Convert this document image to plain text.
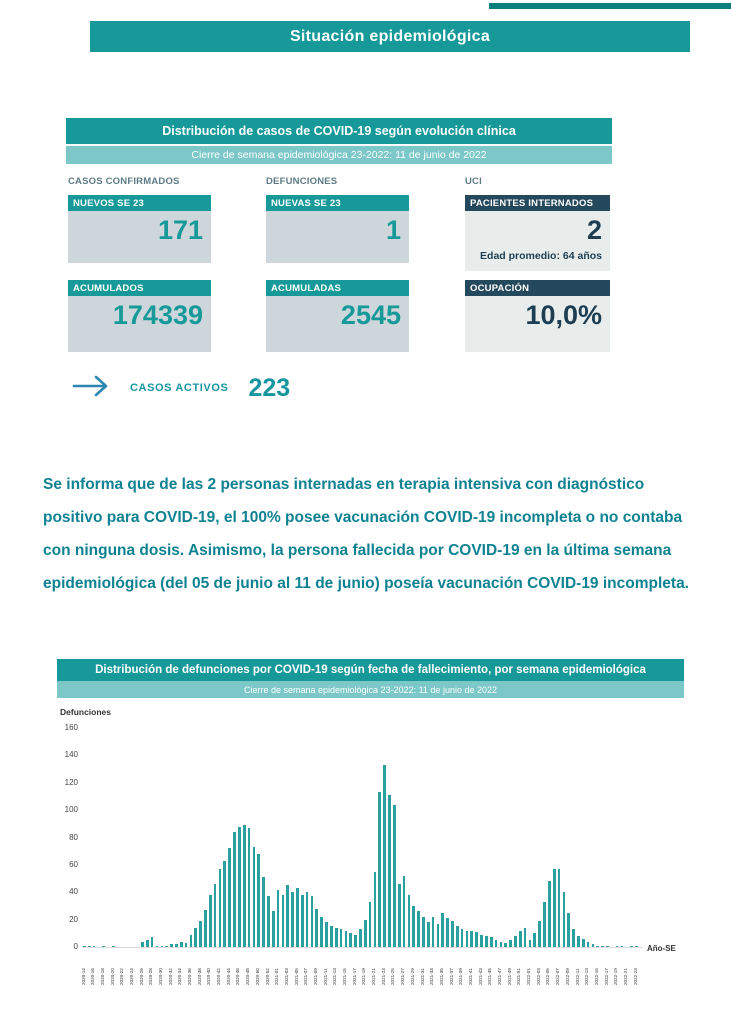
Situación epidemiológica
Distribución de casos de COVID-19 según evolución clínica
Cierre de semana epidemiológica 23-2022: 11 de junio de 2022
CASOS CONFIRMADOS
NUEVOS SE 23
171
ACUMULADOS
174339
DEFUNCIONES
NUEVAS SE 23
1
ACUMULADAS
2545
UCI
PACIENTES INTERNADOS
2
Edad promedio: 64 años
OCUPACIÓN
10,0%
CASOS ACTIVOS 223
Se informa que de las 2 personas internadas en terapia intensiva con diagnóstico positivo para COVID-19, el 100% posee vacunación COVID-19 incompleta o no contaba con ninguna dosis. Asimismo, la persona fallecida por COVID-19 en la última semana epidemiológica (del 05 de junio al 11 de junio) poseía vacunación COVID-19 incompleta.
Distribución de defunciones por COVID-19 según fecha de fallecimiento, por semana epidemiológica
Cierre de semana epidemiológica 23-2022: 11 de junio de 2022
Defunciones
0
20
40
60
80
100
120
140
160
2020-14 2020-16 2020-18 2020-20 2020-22 2020-24 2020-26 2020-28 2020-30 2020-32 2020-34 2020-36 2020-38 2020-40 2020-42 2020-44 2020-46 2020-48 2020-50 2020-52 2021-01 2021-03 2021-05 2021-07 2021-09 2021-11 2021-13 2021-15 2021-17 2021-19 2021-21 2021-23 2021-25 2021-27 2021-29 2021-31 2021-33 2021-35 2021-37 2021-39 2021-41 2021-43 2021-45 2021-47 2021-49 2021-51 2022-01 2022-03 2022-05 2022-07 2022-09 2022-11 2022-13 2022-15 2022-17 2022-19 2022-21 2022-23
Año-SE
